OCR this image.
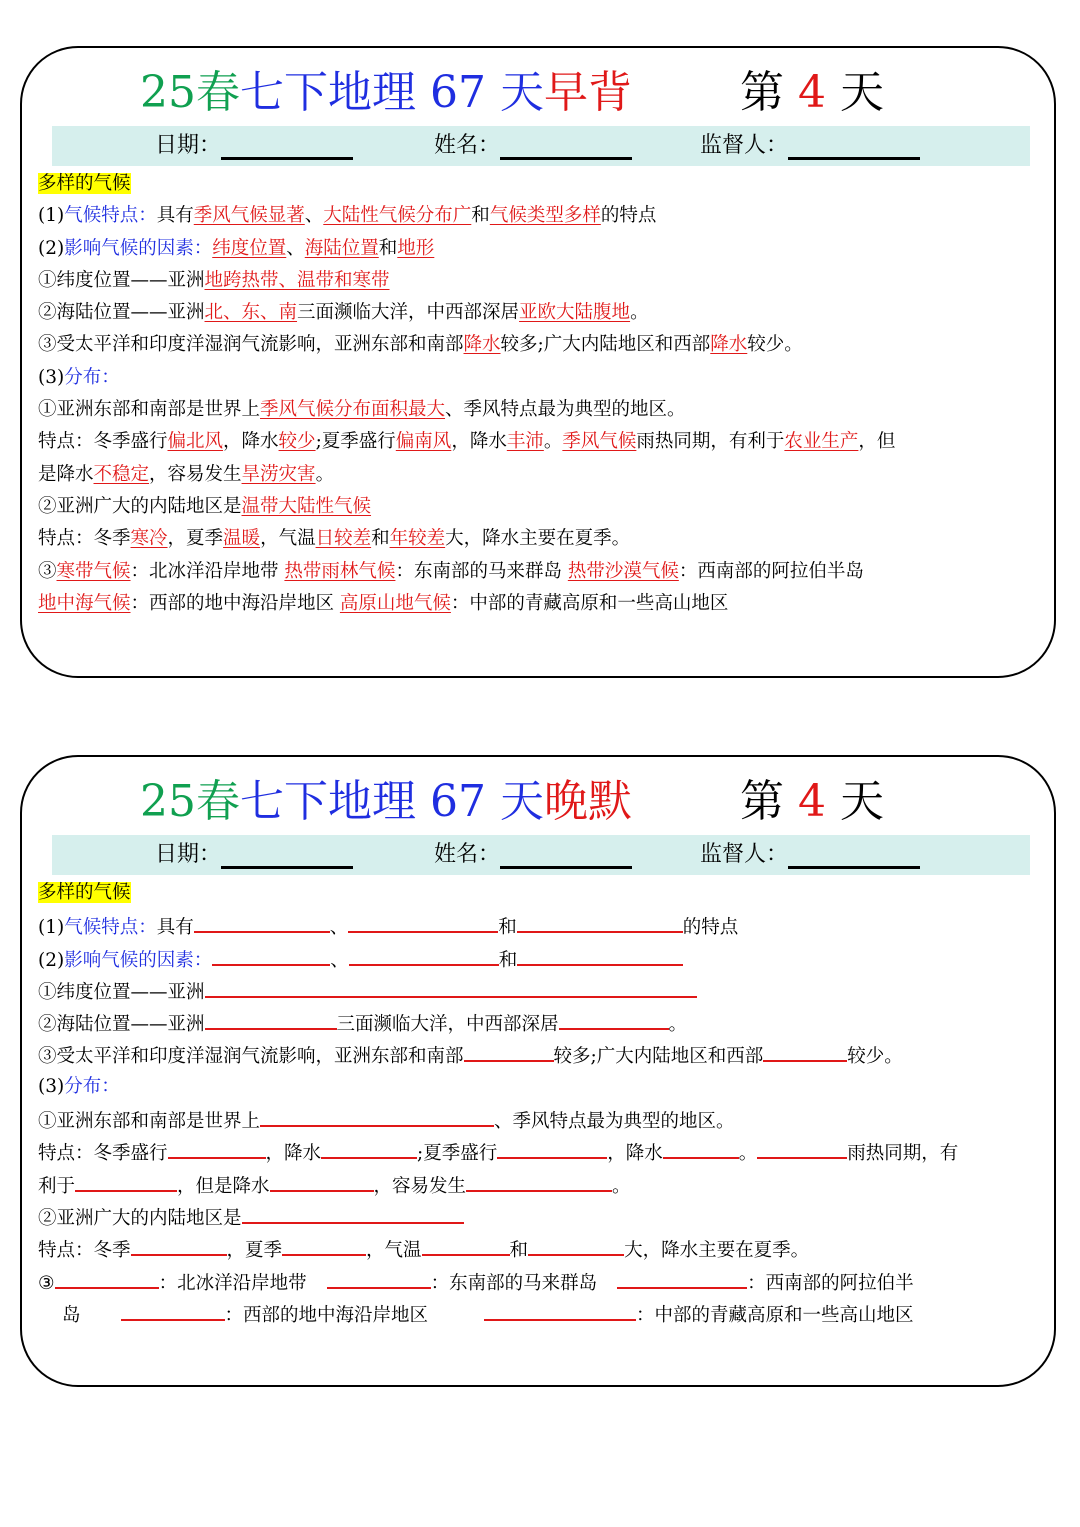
25春七下地理 67 天早背 第 4 天
日期：	姓名：	监督人：
多样的气候
(1)气候特点：具有季风气候显著、大陆性气候分布广和气候类型多样的特点
(2)影响气候的因素：纬度位置、海陆位置和地形
①纬度位置——亚洲地跨热带、温带和寒带
②海陆位置——亚洲北、东、南三面濒临大洋，中西部深居亚欧大陆腹地。
③受太平洋和印度洋湿润气流影响，亚洲东部和南部降水较多;广大内陆地区和西部降水较少。
(3)分布：
①亚洲东部和南部是世界上季风气候分布面积最大、季风特点最为典型的地区。
特点：冬季盛行偏北风，降水较少;夏季盛行偏南风，降水丰沛。季风气候雨热同期，有利于农业生产，但
是降水不稳定，容易发生旱涝灾害。
②亚洲广大的内陆地区是温带大陆性气候
特点：冬季寒冷，夏季温暖，气温日较差和年较差大，降水主要在夏季。
③寒带气候：北冰洋沿岸地带 热带雨林气候：东南部的马来群岛 热带沙漠气候：西南部的阿拉伯半岛
地中海气候：西部的地中海沿岸地区 高原山地气候：中部的青藏高原和一些高山地区
25春七下地理 67 天晚默 第 4 天
日期：	姓名：	监督人：
多样的气候
(1)气候特点：具有	、	和	的特点
(2)影响气候的因素：	、	和
①纬度位置——亚洲
②海陆位置——亚洲	三面濒临大洋，中西部深居	。
③受太平洋和印度洋湿润气流影响，亚洲东部和南部	较多;广大内陆地区和西部	较少。
(3)分布：
①亚洲东部和南部是世界上	、季风特点最为典型的地区。
特点：冬季盛行	，降水	;夏季盛行	，降水	。	雨热同期，有
利于	，但是降水	，容易发生	。
②亚洲广大的内陆地区是
特点：冬季	，夏季	，气温	和	大，降水主要在夏季。
③	：北冰洋沿岸地带	：东南部的马来群岛	：西南部的阿拉伯半
岛	：西部的地中海沿岸地区	：中部的青藏高原和一些高山地区
